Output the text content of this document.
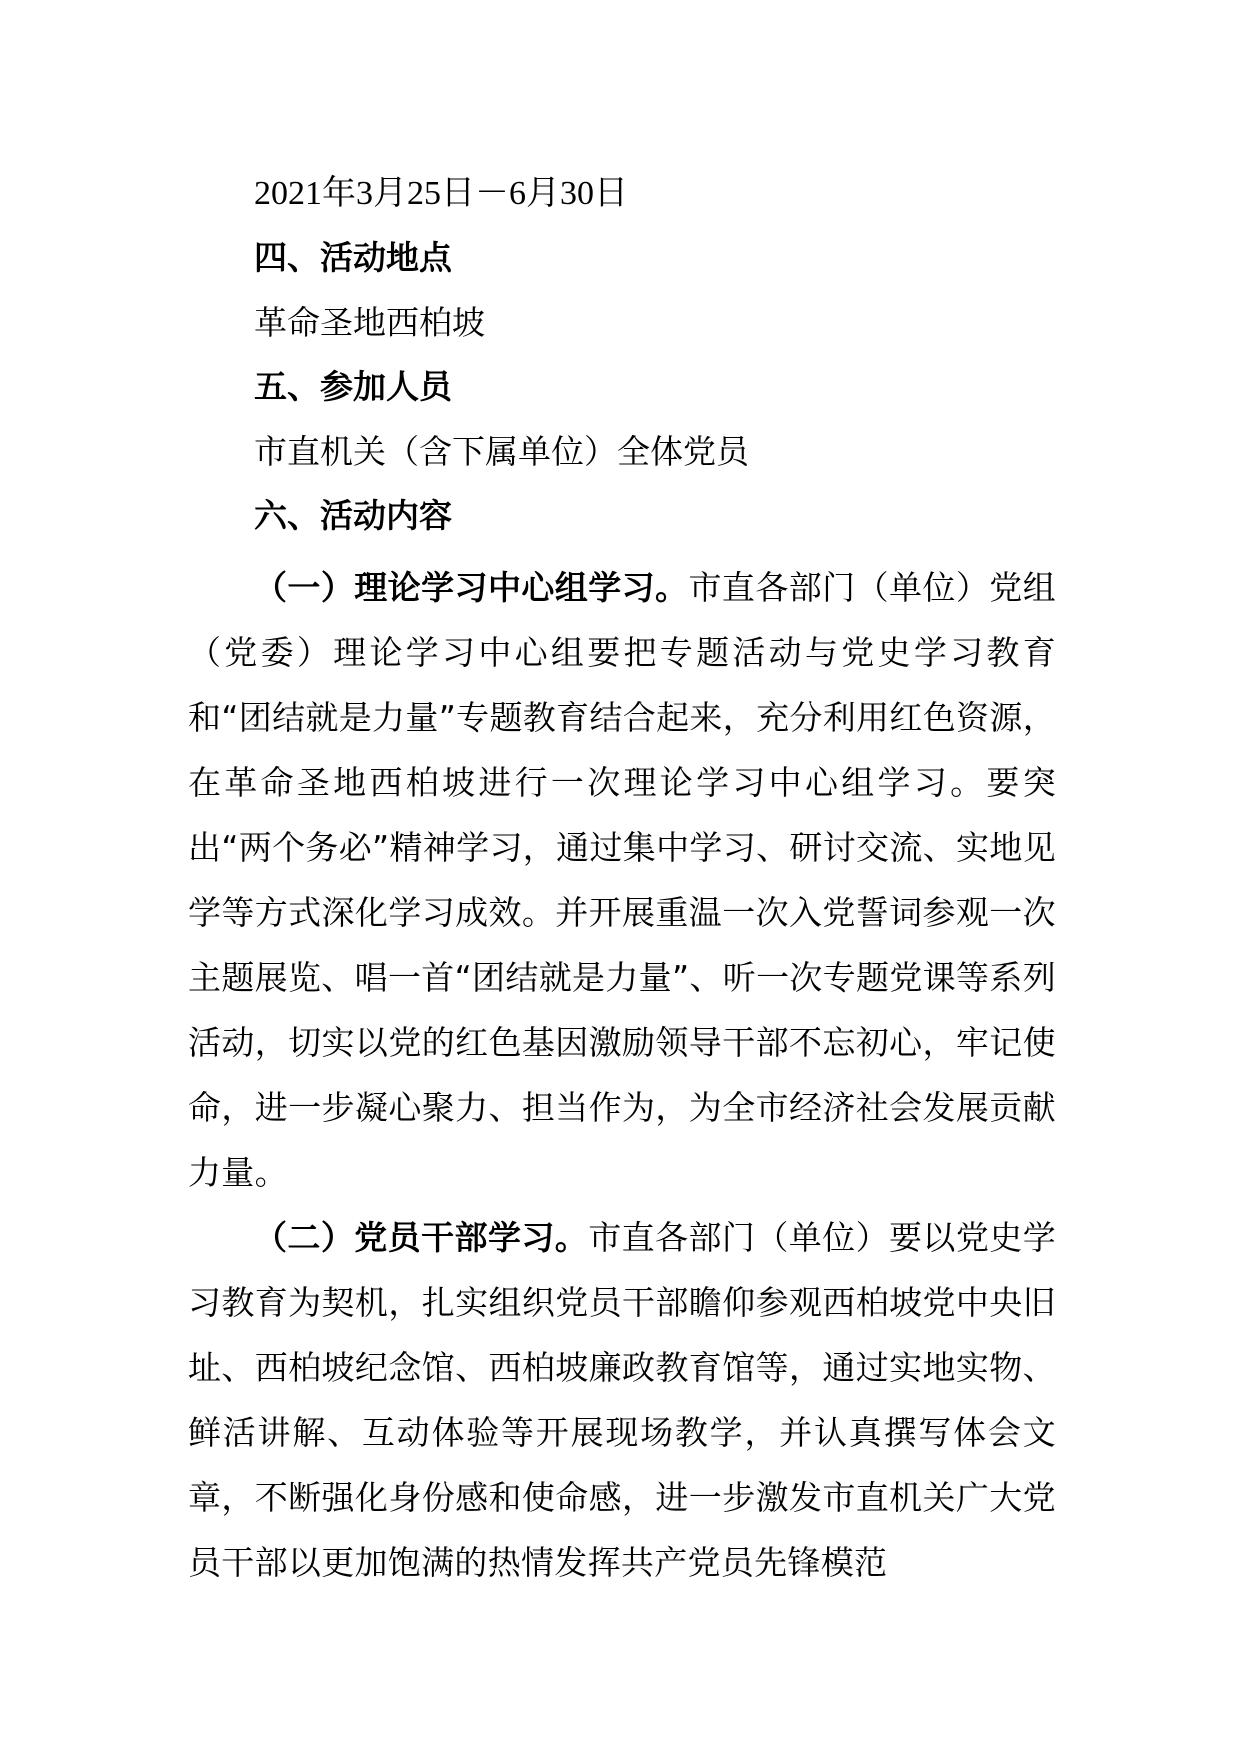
2021年3月25日－6月30日
四、活动地点
革命圣地西柏坡
五、参加人员
市直机关（含下属单位）全体党员
六、活动内容
（一）理论学习中心组学习。市直各部门（单位）党组（党委）理论学习中心组要把专题活动与党史学习教育和“团结就是力量”专题教育结合起来，充分利用红色资源，在革命圣地西柏坡进行一次理论学习中心组学习。要突出“两个务必”精神学习，通过集中学习、研讨交流、实地见学等方式深化学习成效。并开展重温一次入党誓词参观一次主题展览、唱一首“团结就是力量”、听一次专题党课等系列活动，切实以党的红色基因激励领导干部不忘初心，牢记使命，进一步凝心聚力、担当作为，为全市经济社会发展贡献力量。
（二）党员干部学习。市直各部门（单位）要以党史学习教育为契机，扎实组织党员干部瞻仰参观西柏坡党中央旧址、西柏坡纪念馆、西柏坡廉政教育馆等，通过实地实物、鲜活讲解、互动体验等开展现场教学，并认真撰写体会文章，不断强化身份感和使命感，进一步激发市直机关广大党员干部以更加饱满的热情发挥共产党员先锋模范
